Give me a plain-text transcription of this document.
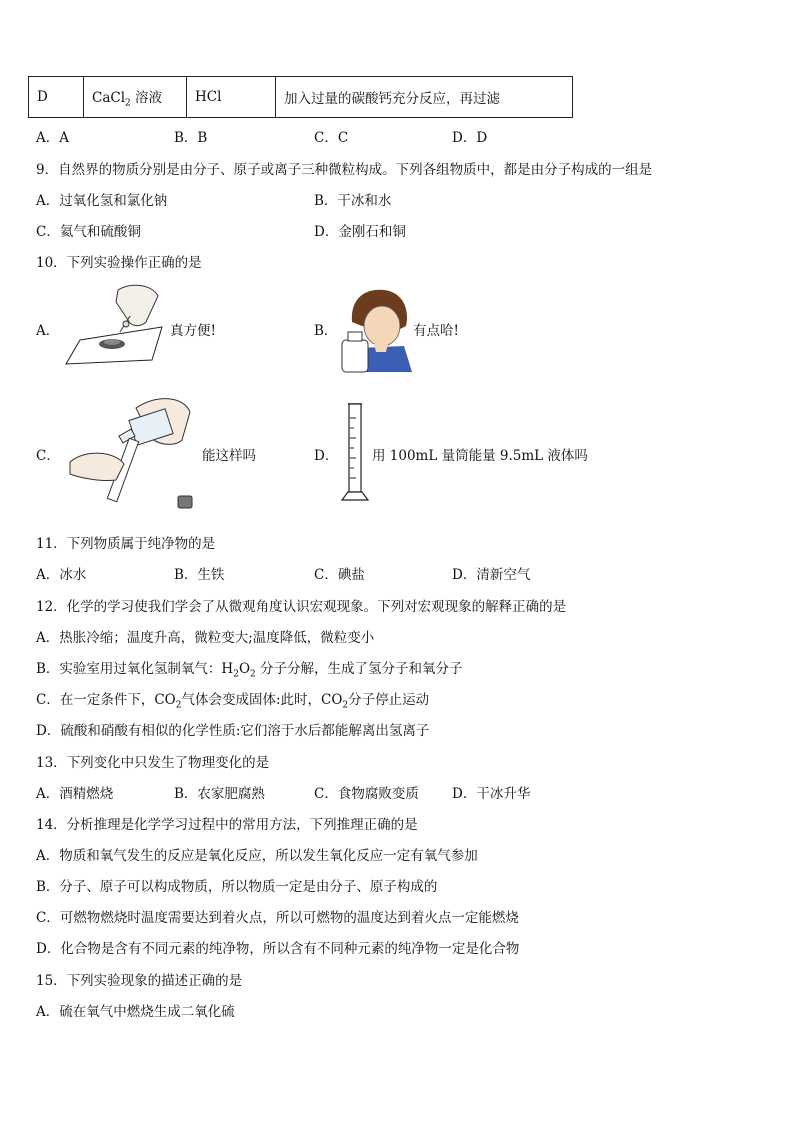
D	CaCl$_2$ 溶液	HCl	加入过量的碳酸钙充分反应，再过滤
A．A	B．B	C．C	D．D
9．自然界的物质分别是由分子、原子或离子三种微粒构成。下列各组物质中，都是由分子构成的一组是
A．过氧化氢和氯化钠	B．干冰和水
C．氦气和硫酸铜	D．金刚石和铜
10．下列实验操作正确的是
A．	真方便!	B．	有点哈!
C．	能这样吗	D． 用 100mL 量筒能量 9.5mL 液体吗
11．下列物质属于纯净物的是
A．冰水	B．生铁	C．碘盐	D．清新空气
12．化学的学习使我们学会了从微观角度认识宏观现象。下列对宏观现象的解释正确的是
A．热胀冷缩；温度升高，微粒变大;温度降低，微粒变小
B．实验室用过氧化氢制氧气：$H_2O_2$ 分子分解，生成了氢分子和氧分子
C．在一定条件下，$CO_2$气体会变成固体:此时，$CO_2$分子停止运动
D．硫酸和硝酸有相似的化学性质:它们溶于水后都能解离出氢离子
13．下列变化中只发生了物理变化的是
A．酒精燃烧	B．农家肥腐熟	C．食物腐败变质 D．干冰升华
14．分析推理是化学学习过程中的常用方法，下列推理正确的是
A．物质和氧气发生的反应是氧化反应，所以发生氧化反应一定有氧气参加
B．分子、原子可以构成物质，所以物质一定是由分子、原子构成的
C．可燃物燃烧时温度需要达到着火点，所以可燃物的温度达到着火点一定能燃烧
D．化合物是含有不同元素的纯净物，所以含有不同种元素的纯净物一定是化合物
15．下列实验现象的描述正确的是
A．硫在氧气中燃烧生成二氧化硫
